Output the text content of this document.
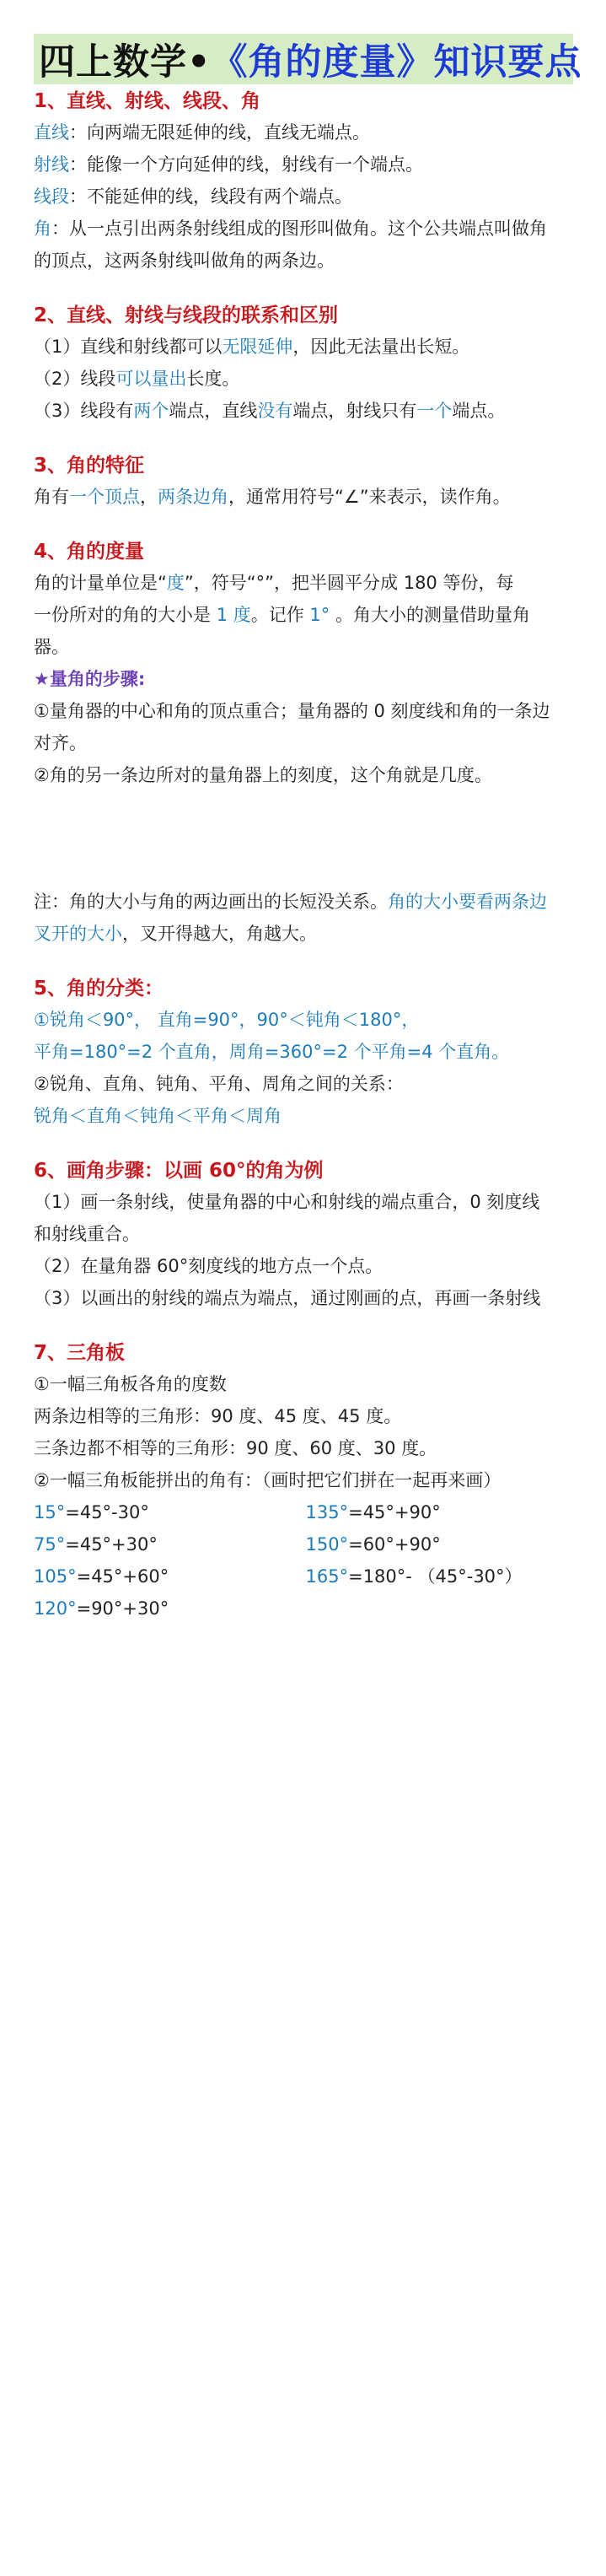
四上数学• 《角的度量》知识要点

1、直线、射线、线段、角

直线：向两端无限延伸的线，直线无端点。

射线：能像一个方向延伸的线，射线有一个端点。

线段：不能延伸的线，线段有两个端点。

角：从一点引出两条射线组成的图形叫做角。这个公共端点叫做角

的顶点，这两条射线叫做角的两条边。

2、直线、射线与线段的联系和区别

（1）直线和射线都可以无限延伸，因此无法量出长短。

（2）线段可以量出长度。

（3）线段有两个端点，直线没有端点，射线只有一个端点。

3、角的特征

角有一个顶点，两条边角，通常用符号“∠”来表示，读作角。

4、角的度量

角的计量单位是“度”，符号“°”，把半圆平分成 180 等份，每

一份所对的角的大小是 1 度。记作 1° 。角大小的测量借助量角

器。

★量角的步骤:

①量角器的中心和角的顶点重合；量角器的 0 刻度线和角的一条边

对齐。

②角的另一条边所对的量角器上的刻度，这个角就是几度。

注：角的大小与角的两边画出的长短没关系。角的大小要看两条边

叉开的大小，叉开得越大，角越大。

5、角的分类：

①锐角＜90°， 直角=90°，90°＜钝角＜180°，

平角=180°=2 个直角，周角=360°=2 个平角=4 个直角。

②锐角、直角、钝角、平角、周角之间的关系：

锐角＜直角＜钝角＜平角＜周角

6、画角步骤：以画 60°的角为例

（1）画一条射线，使量角器的中心和射线的端点重合，0 刻度线

和射线重合。

（2）在量角器 60°刻度线的地方点一个点。

（3）以画出的射线的端点为端点，通过刚画的点，再画一条射线

7、三角板

①一幅三角板各角的度数

两条边相等的三角形：90 度、45 度、45 度。

三条边都不相等的三角形：90 度、60 度、30 度。

②一幅三角板能拼出的角有：（画时把它们拼在一起再来画）

15°=45°-30°	135°=45°+90°
75°=45°+30°	150°=60°+90°
105°=45°+60°	165°=180°- （45°-30°）
120°=90°+30°
